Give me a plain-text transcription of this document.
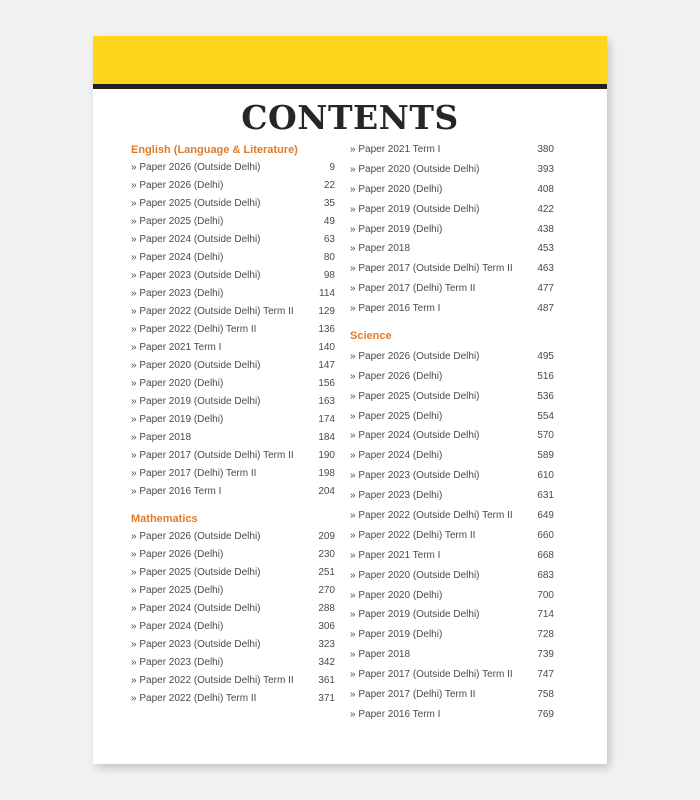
CONTENTS
English (Language & Literature)
» Paper 2026 (Outside Delhi)	9
» Paper 2026 (Delhi)	22
» Paper 2025 (Outside Delhi)	35
» Paper 2025 (Delhi)	49
» Paper 2024 (Outside Delhi)	63
» Paper 2024 (Delhi)	80
» Paper 2023 (Outside Delhi)	98
» Paper 2023 (Delhi)	114
» Paper 2022 (Outside Delhi) Term II 129
» Paper 2022 (Delhi) Term II	136
» Paper 2021 Term I	140
» Paper 2020 (Outside Delhi)	147
» Paper 2020 (Delhi)	156
» Paper 2019 (Outside Delhi)	163
» Paper 2019 (Delhi)	174
» Paper 2018	184
» Paper 2017 (Outside Delhi) Term II 190
» Paper 2017 (Delhi) Term II	198
» Paper 2016 Term I	204
Mathematics
» Paper 2026 (Outside Delhi)	209
» Paper 2026 (Delhi)	230
» Paper 2025 (Outside Delhi)	251
» Paper 2025 (Delhi)	270
» Paper 2024 (Outside Delhi)	288
» Paper 2024 (Delhi)	306
» Paper 2023 (Outside Delhi)	323
» Paper 2023 (Delhi)	342
» Paper 2022 (Outside Delhi) Term II 361
» Paper 2022 (Delhi) Term II	371
» Paper 2021 Term I	380
» Paper 2020 (Outside Delhi)	393
» Paper 2020 (Delhi)	408
» Paper 2019 (Outside Delhi)	422
» Paper 2019 (Delhi)	438
» Paper 2018	453
» Paper 2017 (Outside Delhi) Term II 463
» Paper 2017 (Delhi) Term II	477
» Paper 2016 Term I	487
Science
» Paper 2026 (Outside Delhi)	495
» Paper 2026 (Delhi)	516
» Paper 2025 (Outside Delhi)	536
» Paper 2025 (Delhi)	554
» Paper 2024 (Outside Delhi)	570
» Paper 2024 (Delhi)	589
» Paper 2023 (Outside Delhi)	610
» Paper 2023 (Delhi)	631
» Paper 2022 (Outside Delhi) Term II 649
» Paper 2022 (Delhi) Term II	660
» Paper 2021 Term I	668
» Paper 2020 (Outside Delhi)	683
» Paper 2020 (Delhi)	700
» Paper 2019 (Outside Delhi)	714
» Paper 2019 (Delhi)	728
» Paper 2018	739
» Paper 2017 (Outside Delhi) Term II 747
» Paper 2017 (Delhi) Term II	758
» Paper 2016 Term I	769
